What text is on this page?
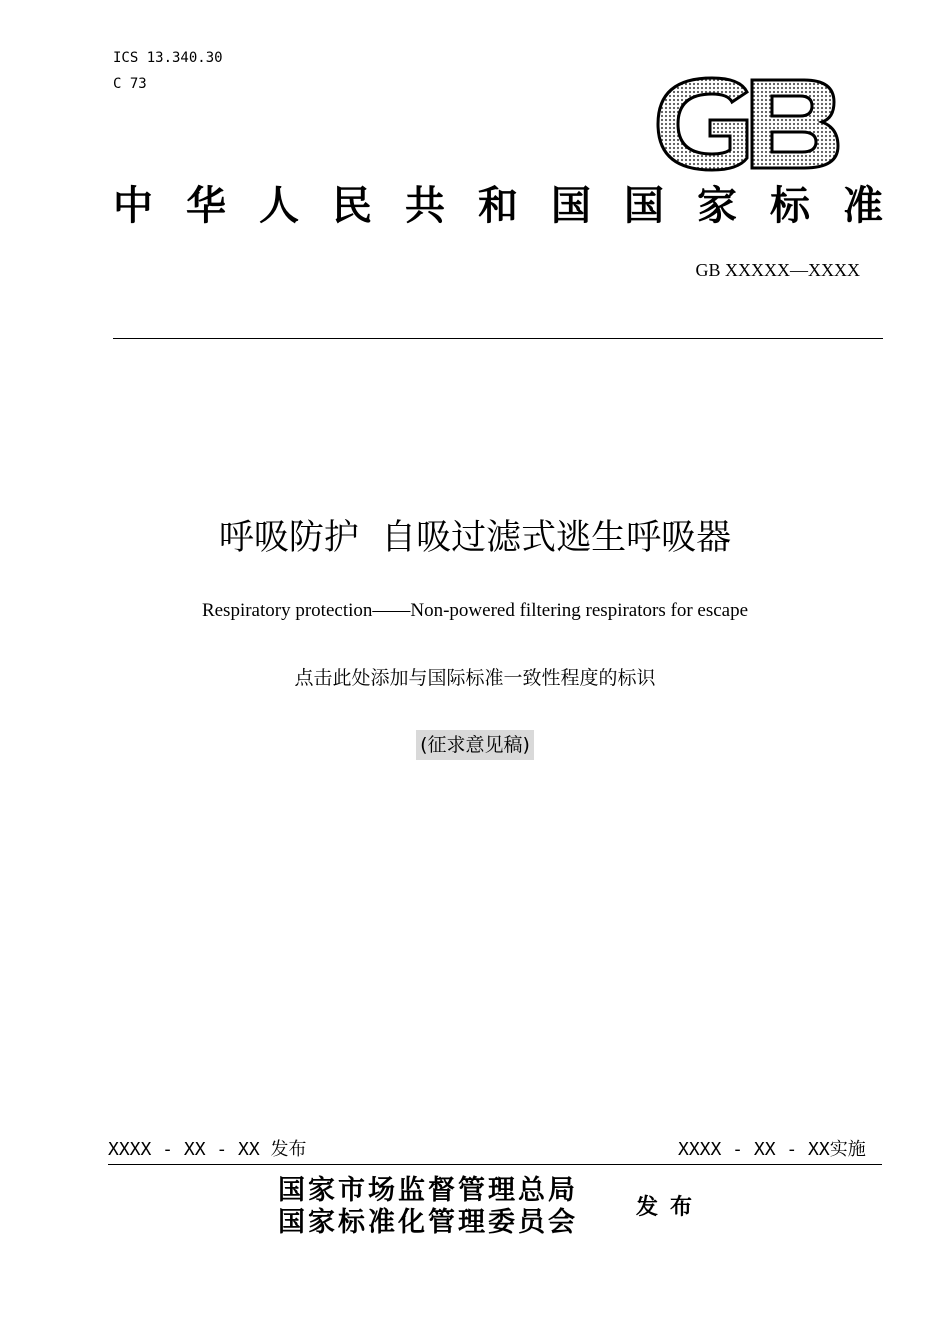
ICS 13.340.30
C 73
中 华 人 民 共 和 国 国 家 标 准
GB XXXXX—XXXX
呼吸防护  自吸过滤式逃生呼吸器
Respiratory protection——Non-powered filtering respirators for escape
点击此处添加与国际标准一致性程度的标识
(征求意见稿)
XXXX - XX - XX 发布	XXXX - XX - XX实施
国家市场监督管理总局
国家标准化管理委员会	发布
